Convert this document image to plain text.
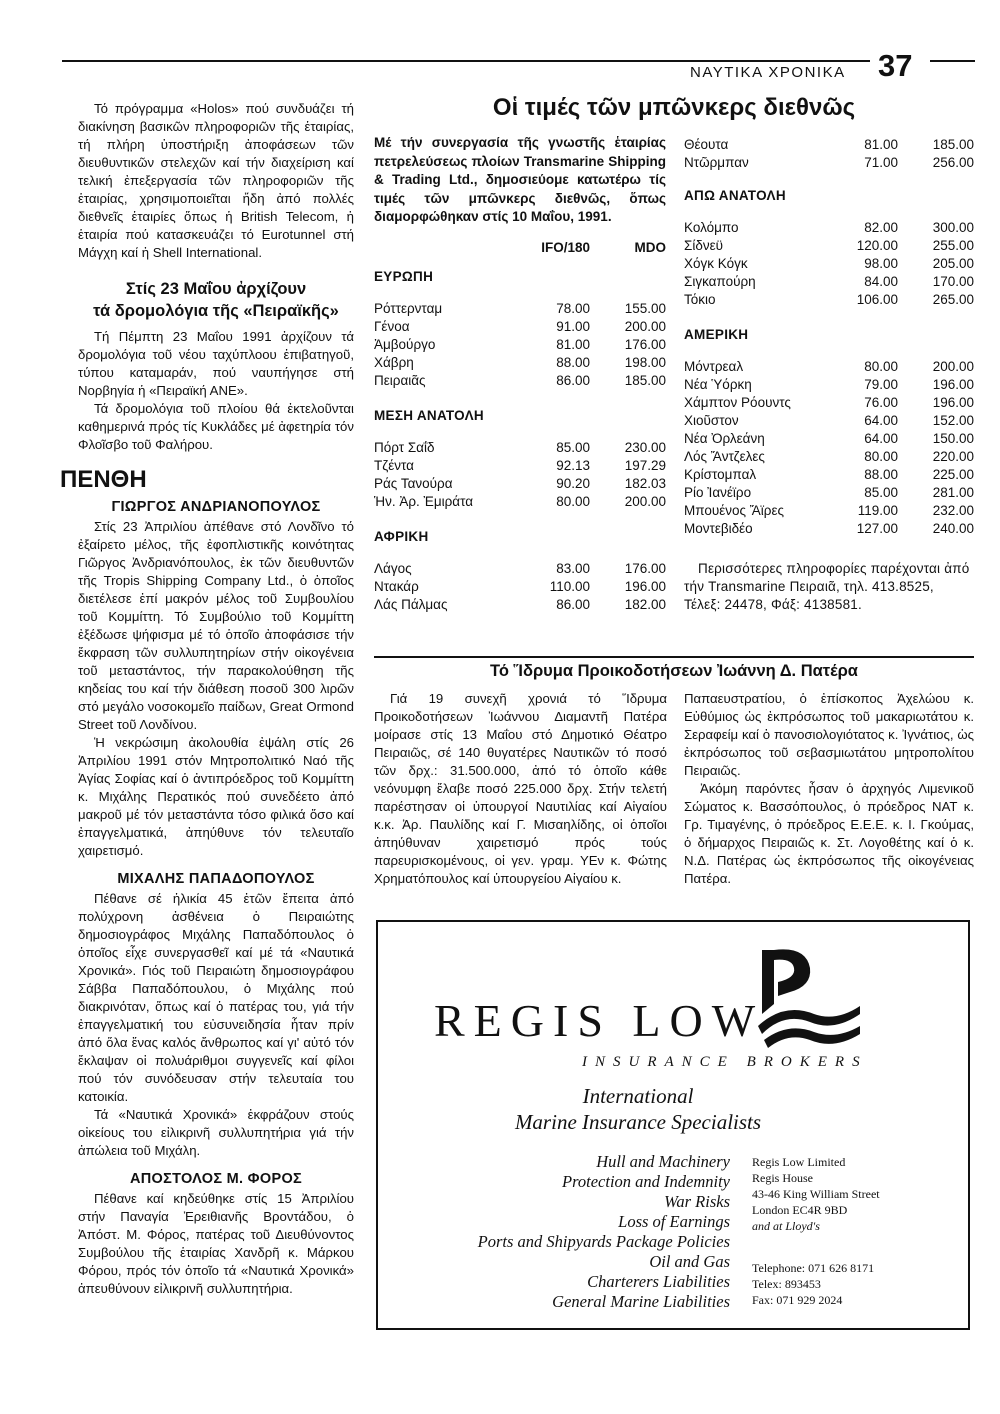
ΝΑΥΤΙΚΑ ΧΡΟΝΙΚΑ 37

Τό πρόγραμμα «Holos» πού συνδυάζει τή διακίνηση βασικῶν πληροφοριῶν τῆς ἑταιρίας, τή πλήρη ὑποστήριξη ἀποφάσεων τῶν διευθυντικῶν στελεχῶν καί τήν διαχείριση καί τελική ἐπεξεργασία τῶν πληροφοριῶν τῆς ἑταιρίας, χρησιμοποιεῖται ἤδη ἀπό πολλές διεθνεῖς ἑταιρίες ὅπως ἡ British Telecom, ἡ ἑταιρία πού κατασκευάζει τό Eurotunnel στή Μάγχη καί ἡ Shell International.

Στίς 23 Μαΐου ἀρχίζουν
τά δρομολόγια τῆς «Πειραϊκῆς»

Τή Πέμπτη 23 Μαΐου 1991 ἀρχίζουν τά δρομολόγια τοῦ νέου ταχύπλοου ἐπιβατηγοῦ, τύπου καταμαράν, πού ναυπήγησε στή Νορβηγία ἡ «Πειραϊκή ΑΝΕ».

Τά δρομολόγια τοῦ πλοίου θά ἐκτελοῦνται καθημερινά πρός τίς Κυκλάδες μέ ἀφετηρία τόν Φλοῖσβο τοῦ Φαλήρου.

ΠΕΝΘΗ
ΓΙΩΡΓΟΣ ΑΝΔΡΙΑΝΟΠΟΥΛΟΣ

Στίς 23 Ἀπριλίου ἀπέθανε στό Λονδῖνο τό ἐξαίρετο μέλος, τῆς ἐφοπλιστικῆς κοινότητας Γιῶργος Ἀνδριανόπουλος, ἐκ τῶν διευθυντῶν τῆς Tropis Shipping Company Ltd., ὁ ὁποῖος διετέλεσε ἐπί μακρόν μέλος τοῦ Συμβουλίου τοῦ Κομμίττη. Τό Συμβούλιο τοῦ Κομμίττη ἐξέδωσε ψήφισμα μέ τό ὁποῖο ἀποφάσισε τήν ἔκφραση τῶν συλλυπητηρίων στήν οἰκογένεια τοῦ μεταστάντος, τήν παρακολούθηση τῆς κηδείας του καί τήν διάθεση ποσοῦ 300 λιρῶν στό μεγάλο νοσοκομεῖο παίδων, Great Ormond Street τοῦ Λονδίνου.

Ἡ νεκρώσιμη ἀκολουθία ἐψάλη στίς 26 Ἀπριλίου 1991 στόν Μητροπολιτικό Ναό τῆς Ἁγίας Σοφίας καί ὁ ἀντιπρόεδρος τοῦ Κομμίττη κ. Μιχάλης Περατικός πού συνεδέετο ἀπό μακροῦ μέ τόν μεταστάντα τόσο φιλικά ὅσο καί ἐπαγγελματικά, ἀπηύθυνε τόν τελευταῖο χαιρετισμό.

ΜΙΧΑΛΗΣ ΠΑΠΑΔΟΠΟΥΛΟΣ

Πέθανε σέ ἡλικία 45 ἐτῶν ἔπειτα ἀπό πολύχρονη ἀσθένεια ὁ Πειραιώτης δημοσιογράφος Μιχάλης Παπαδόπουλος ὁ ὁποῖος εἶχε συνεργασθεῖ καί μέ τά «Ναυτικά Χρονικά». Γιός τοῦ Πειραιώτη δημοσιογράφου Σάββα Παπαδόπουλου, ὁ Μιχάλης πού διακρινόταν, ὅπως καί ὁ πατέρας του, γιά τήν ἐπαγγελματική του εὐσυνειδησία ἦταν πρίν ἀπό ὅλα ἕνας καλός ἄνθρωπος καί γι' αὐτό τόν ἔκλαψαν οἱ πολυάριθμοι συγγενεῖς καί φίλοι πού τόν συνόδευσαν στήν τελευταία του κατοικία.

Τά «Ναυτικά Χρονικά» ἐκφράζουν στούς οἰκείους του εἰλικρινῆ συλλυπητήρια γιά τήν ἀπώλεια τοῦ Μιχάλη.

ΑΠΟΣΤΟΛΟΣ Μ. ΦΟΡΟΣ

Πέθανε καί κηδεύθηκε στίς 15 Ἀπριλίου στήν Παναγία Ἐρειθιανῆς Βροντάδου, ὁ Ἀπόστ. Μ. Φόρος, πατέρας τοῦ Διευθύνοντος Συμβούλου τῆς ἑταιρίας Χανδρῆ κ. Μάρκου Φόρου, πρός τόν ὁποῖο τά «Ναυτικά Χρονικά» ἀπευθύνουν εἰλικρινῆ συλλυπητήρια.

Οἱ τιμές τῶν μπῶνκερς διεθνῶς
Μέ τήν συνεργασία τῆς γνωστῆς ἑταιρίας πετρελεύσεως πλοίων Transmarine Shipping & Trading Ltd., δημοσιεύομε κατωτέρω τίς τιμές τῶν μπῶνκερς διεθνῶς, ὅπως διαμορφώθηκαν στίς 10 Μαΐου, 1991.
IFO/180	MDO
ΕΥΡΩΠΗ
Ρόττερνταμ	78.00	155.00
Γένοα	91.00	200.00
Ἀμβούργο	81.00	176.00
Χάβρη	88.00	198.00
Πειραιᾶς	86.00	185.00
ΜΕΣΗ ΑΝΑΤΟΛΗ
Πόρτ Σαΐδ	85.00	230.00
Τζέντα	92.13	197.29
Ράς Τανούρα	90.20	182.03
Ἡν. Ἀρ. Ἐμιράτα	80.00	200.00
ΑΦΡΙΚΗ
Λάγος	83.00	176.00
Ντακάρ	110.00	196.00
Λάς Πάλμας	86.00	182.00
Θέουτα	81.00	185.00
Ντῶρμπαν	71.00	256.00
ΑΠΩ ΑΝΑΤΟΛΗ
Κολόμπο	82.00	300.00
Σίδνεϋ	120.00	255.00
Χόγκ Κόγκ	98.00	205.00
Σιγκαπούρη	84.00	170.00
Τόκιο	106.00	265.00
ΑΜΕΡΙΚΗ
Μόντρεαλ	80.00	200.00
Νέα Ὑόρκη	79.00	196.00
Χάμπτον Ρόουντς	76.00	196.00
Χιοῦστον	64.00	152.00
Νέα Ὀρλεάνη	64.00	150.00
Λός Ἄντζελες	80.00	220.00
Κρίστομπαλ	88.00	225.00
Ρίο Ἰανέϊρο	85.00	281.00
Μπουένος Ἄϊρες	119.00	232.00
Μοντεβιδέο	127.00	240.00
Περισσότερες πληροφορίες παρέχονται ἀπό τήν Transmarine Πειραιᾶ, τηλ. 413.8525, Τέλεξ: 24478, Φάξ: 4138581.
Τό Ἵδρυμα Προικοδοτήσεων Ἰωάννη Δ. Πατέρα

Γιά 19 συνεχῆ χρονιά τό Ἵδρυμα Προικοδοτήσεων Ἰωάννου Διαμαντῆ Πατέρα μοίρασε στίς 13 Μαΐου στό Δημοτικό Θέατρο Πειραιῶς, σέ 140 θυγατέρες Ναυτικῶν τό ποσό τῶν δρχ.: 31.500.000, ἀπό τό ὁποῖο κάθε νεόνυμφη ἔλαβε ποσό 225.000 δρχ. Στήν τελετή παρέστησαν οἱ ὑπουργοί Ναυτιλίας καί Αἰγαίου κ.κ. Ἀρ. Παυλίδης καί Γ. Μισαηλίδης, οἱ ὁποῖοι ἀπηύθυναν χαιρετισμό πρός τούς παρευρισκομένους, οἱ γεν. γραμ. ΥΕν κ. Φώτης Χρηματόπουλος καί ὑπουργείου Αἰγαίου κ.

Παπαευστρατίου, ὁ ἐπίσκοπος Ἀχελώου κ. Εὐθύμιος ὡς ἐκπρόσωπος τοῦ μακαριωτάτου κ. Σεραφείμ καί ὁ πανοσιολογιότατος κ. Ἰγνάτιος, ὡς ἐκπρόσωπος τοῦ σεβασμιωτάτου μητροπολίτου Πειραιῶς.

Ἀκόμη παρόντες ἦσαν ὁ ἀρχηγός Λιμενικοῦ Σώματος κ. Βασσόπουλος, ὁ πρόεδρος ΝΑΤ κ. Γρ. Τιμαγένης, ὁ πρόεδρος Ε.Ε.Ε. κ. Ι. Γκούμας, ὁ δήμαρχος Πειραιῶς κ. Στ. Λογοθέτης καί ὁ κ. Ν.Δ. Πατέρας ὡς ἐκπρόσωπος τῆς οἰκογένειας Πατέρα.

REGIS LOW
INSURANCE BROKERS
International
Marine Insurance Specialists
Hull and Machinery
Protection and Indemnity
War Risks
Loss of Earnings
Ports and Shipyards Package Policies
Oil and Gas
Charterers Liabilities
General Marine Liabilities
Regis Low Limited
Regis House
43-46 King William Street
London EC4R 9BD
and at Lloyd's
Telephone: 071 626 8171
Telex: 893453
Fax: 071 929 2024
